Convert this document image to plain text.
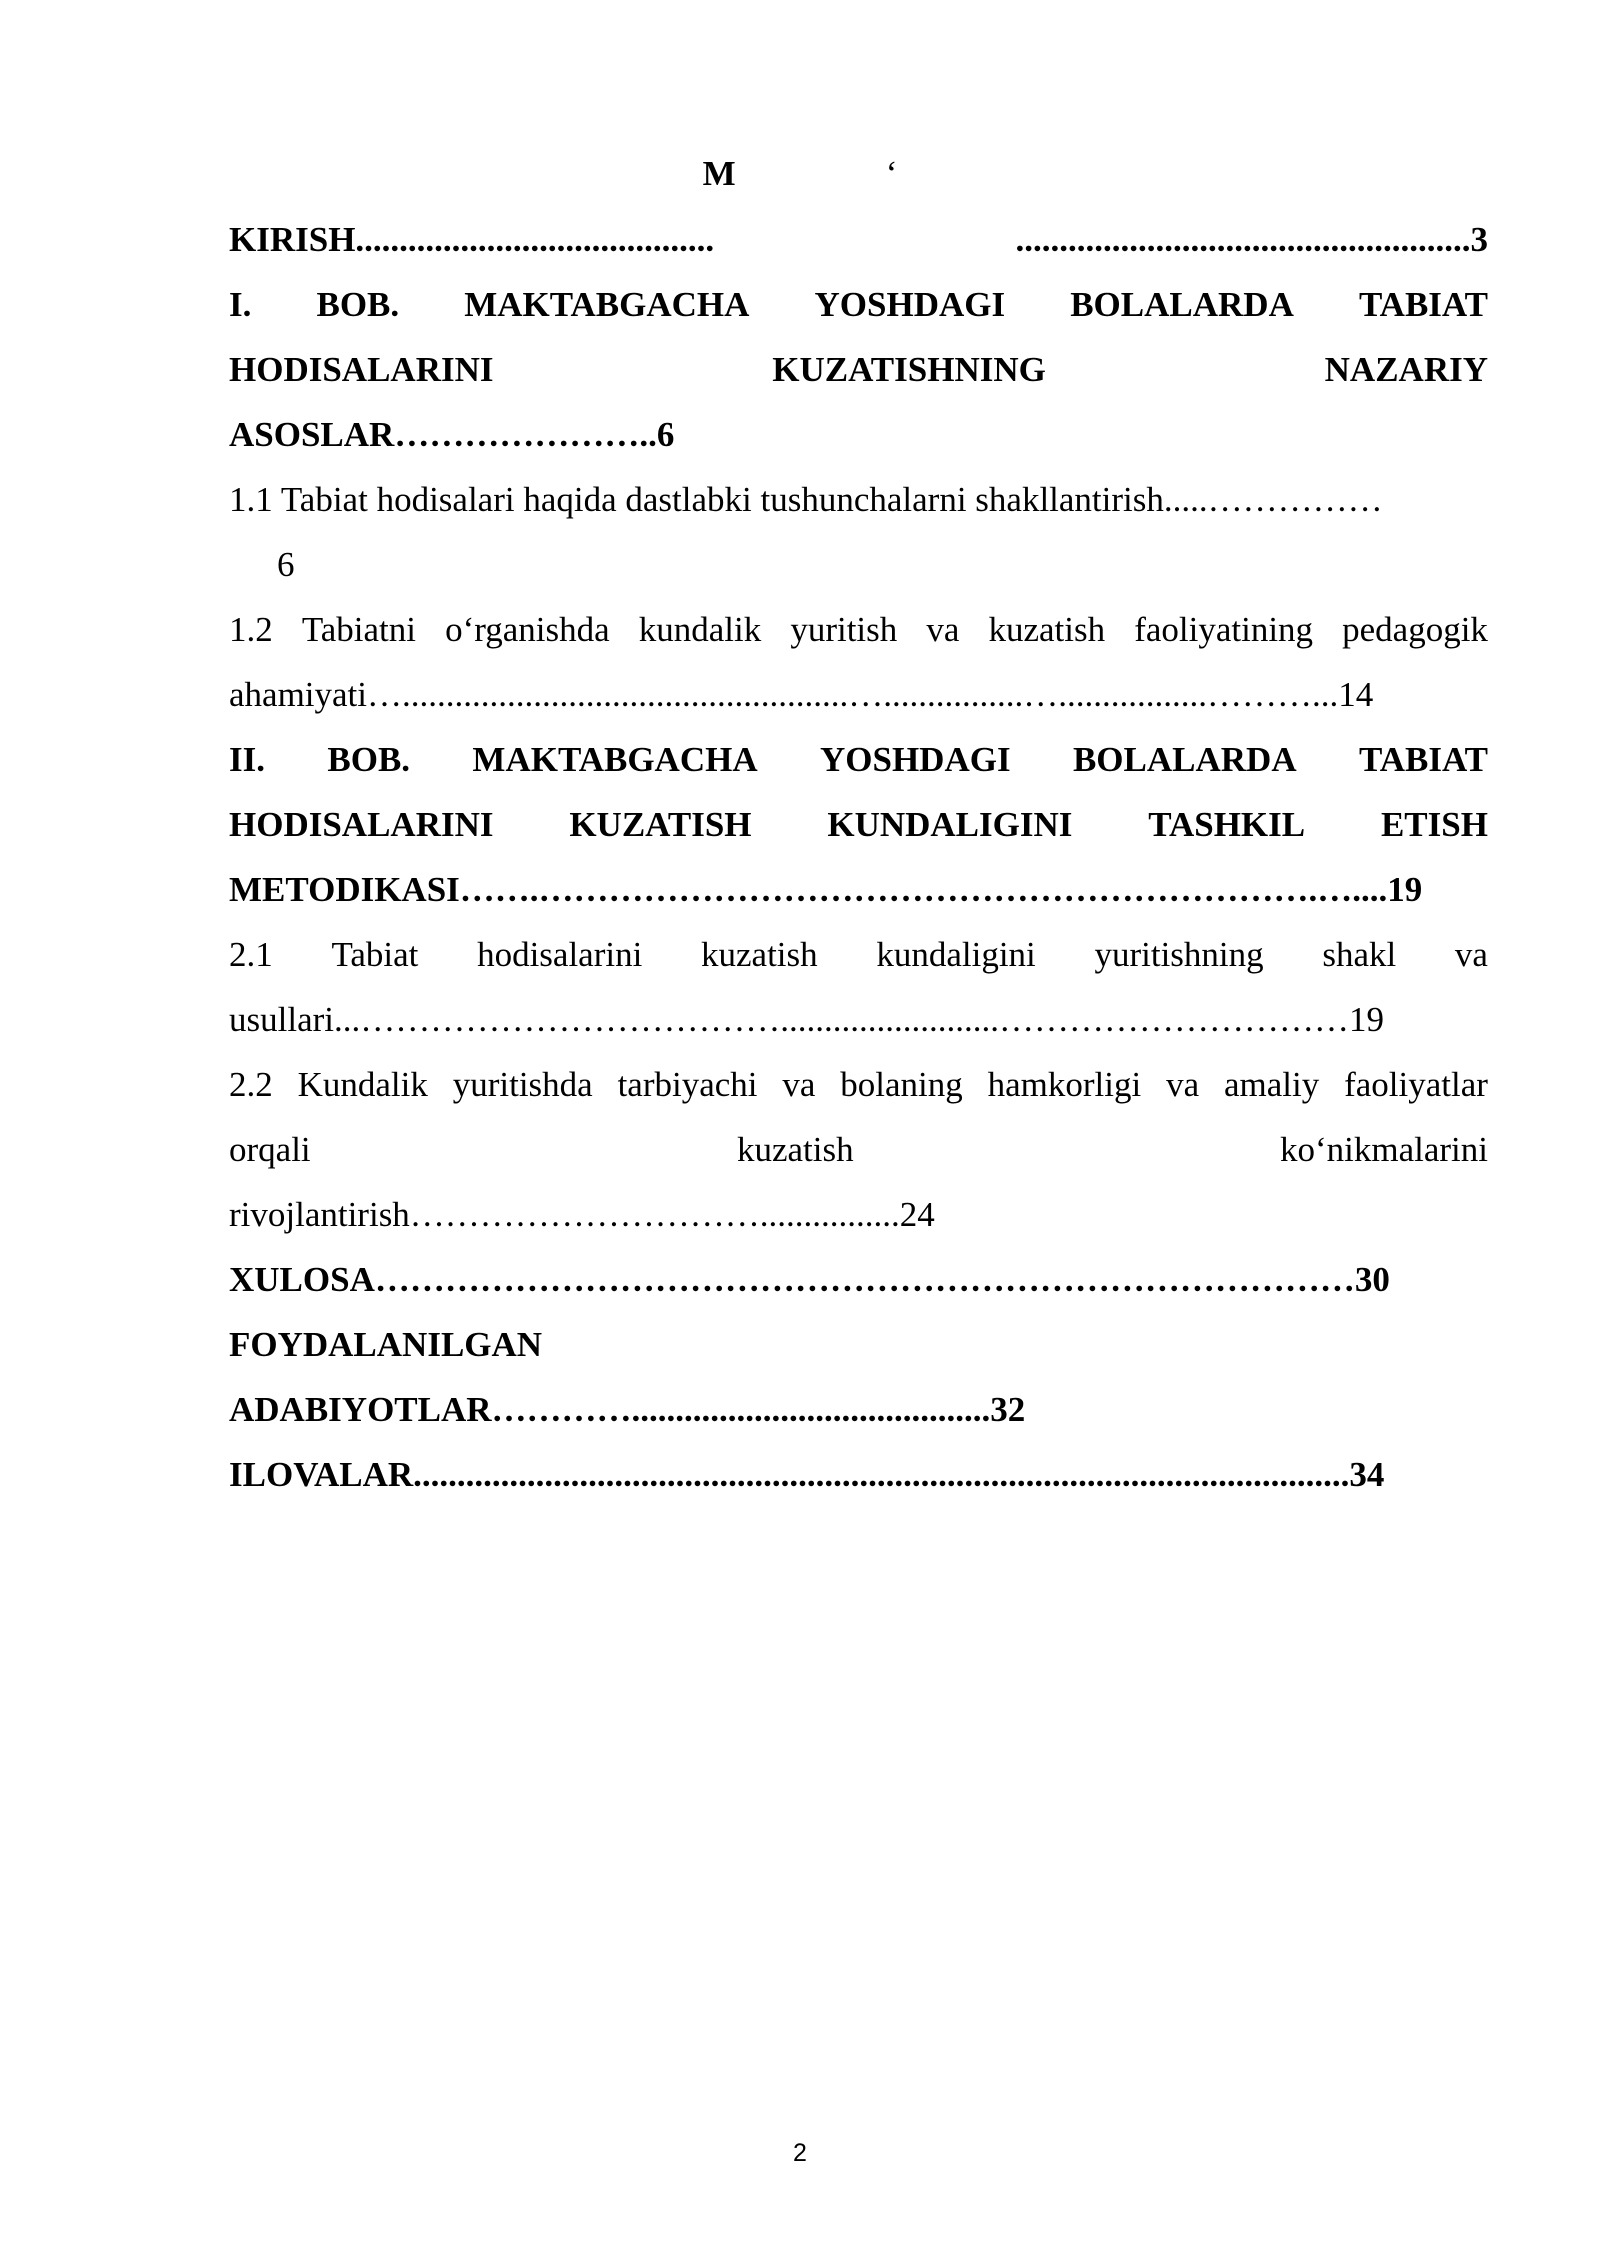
M	‘
KIRISH.........................................	....................................................3
I. BOB. MAKTABGACHA YOSHDAGI BOLALARDA TABIAT
HODISALARINI	KUZATISHNING	NAZARIY
ASOSLAR…………………..6
1.1 Tabiat hodisalari haqida dastlabki tushunchalarni shakllantirish.....……………
6
1.2 Tabiatni o‘rganishda kundalik yuritish va kuzatish faoliyatining pedagogik
ahamiyati…...................................................…................….................………...14
II. BOB. MAKTABGACHA YOSHDAGI BOLALARDA TABIAT
HODISALARINI KUZATISH KUNDALIGINI TASHKIL ETISH
METODIKASI…….………………………………………………………….…....19
2.1 Tabiat hodisalarini kuzatish kundaligini yuritishning shakl va
usullari...……………………………….........................…………………………19
2.2 Kundalik yuritishda tarbiyachi va bolaning hamkorligi va amaliy faoliyatlar
orqali	kuzatish	ko‘nikmalarini
rivojlantirish…………………………................24
XULOSA…………………………………………………………………………30
FOYDALANILGAN
ADABIYOTLAR………….........................................32
ILOVALAR...........................................................................................................34
2
